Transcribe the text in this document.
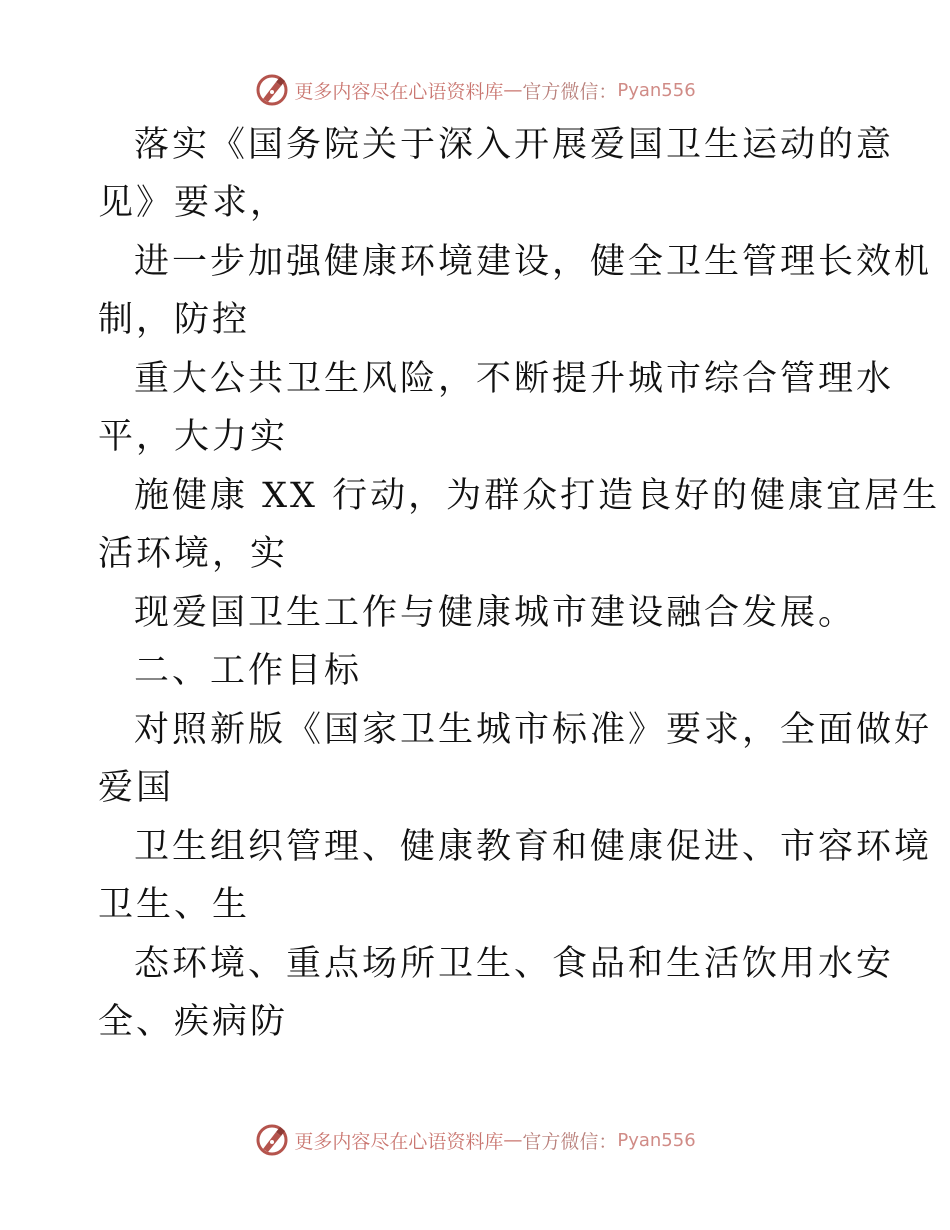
更多内容尽在心语资料库 — 官方微信： Pyan556
落实《国务院关于深入开展爱国卫生运动的意
见》要求，
进一步加强健康环境建设，健全卫生管理长效机
制，防控
重大公共卫生风险，不断提升城市综合管理水
平，大力实
施健康 XX 行动，为群众打造良好的健康宜居生
活环境，实
现爱国卫生工作与健康城市建设融合发展。
二、工作目标
对照新版《国家卫生城市标准》要求，全面做好
爱国
卫生组织管理、健康教育和健康促进、市容环境
卫生、生
态环境、重点场所卫生、食品和生活饮用水安
全、疾病防
更多内容尽在心语资料库 — 官方微信： Pyan556
